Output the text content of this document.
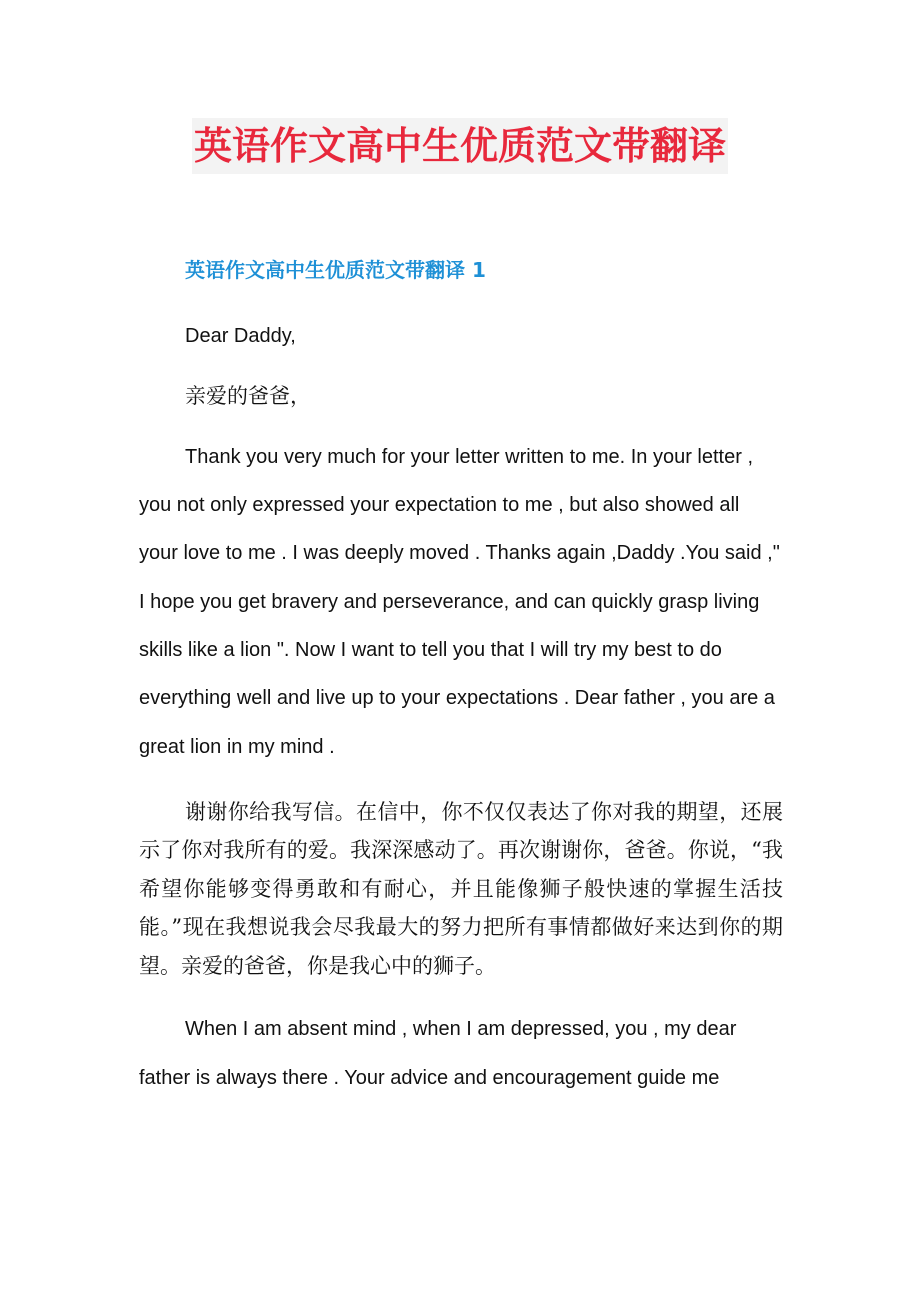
英语作文高中生优质范文带翻译
英语作文高中生优质范文带翻译 1

Dear Daddy,

亲爱的爸爸，

Thank you very much for your letter written to me. In your letter , you not only expressed your expectation to me , but also showed all your love to me . I was deeply moved . Thanks again ,Daddy .You said ," I hope you get bravery and perseverance, and can quickly grasp living skills like a lion ". Now I want to tell you that I will try my best to do everything well and live up to your expectations . Dear father , you are a great lion in my mind .

谢谢你给我写信。在信中，你不仅仅表达了你对我的期望，还展示了你对我所有的爱。我深深感动了。再次谢谢你，爸爸。你说，“我希望你能够变得勇敢和有耐心，并且能像狮子般快速的掌握生活技能。”现在我想说我会尽我最大的努力把所有事情都做好来达到你的期望。亲爱的爸爸，你是我心中的狮子。

When I am absent mind , when I am depressed, you , my dear father is always there . Your advice and encouragement guide me
